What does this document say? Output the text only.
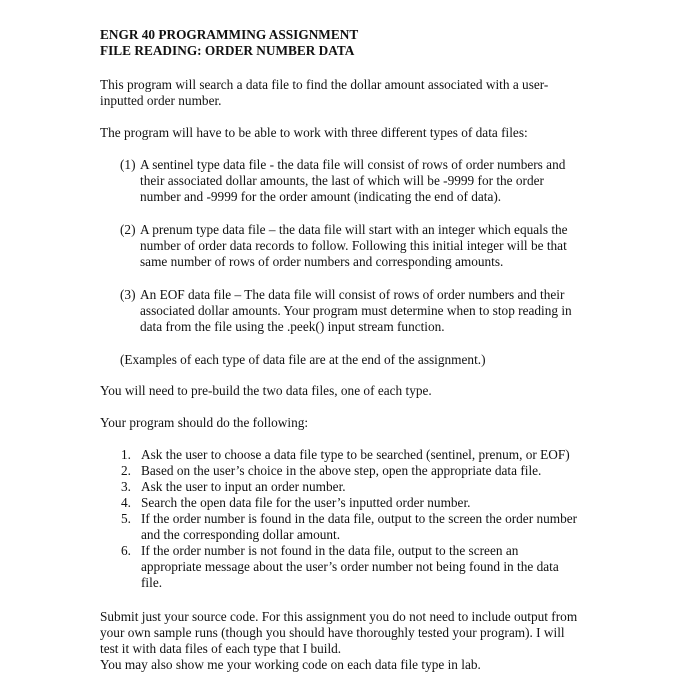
ENGR 40 PROGRAMMING ASSIGNMENT

FILE READING: ORDER NUMBER DATA

This program will search a data file to find the dollar amount associated with a user-inputted order number.

The program will have to be able to work with three different types of data files:

(1) A sentinel type data file - the data file will consist of rows of order numbers and their associated dollar amounts, the last of which will be -9999 for the order number and -9999 for the order amount (indicating the end of data).
(2) A prenum type data file – the data file will start with an integer which equals the number of order data records to follow. Following this initial integer will be that same number of rows of order numbers and corresponding amounts.
(3) An EOF data file – The data file will consist of rows of order numbers and their associated dollar amounts. Your program must determine when to stop reading in data from the file using the .peek() input stream function.

(Examples of each type of data file are at the end of the assignment.)

You will need to pre-build the two data files, one of each type.

Your program should do the following:

1. Ask the user to choose a data file type to be searched (sentinel, prenum, or EOF)
2. Based on the user’s choice in the above step, open the appropriate data file.
3. Ask the user to input an order number.
4. Search the open data file for the user’s inputted order number.
5. If the order number is found in the data file, output to the screen the order number and the corresponding dollar amount.
6. If the order number is not found in the data file, output to the screen an appropriate message about the user’s order number not being found in the data file.

Submit just your source code. For this assignment you do not need to include output from your own sample runs (though you should have thoroughly tested your program). I will test it with data files of each type that I build.

You may also show me your working code on each data file type in lab.
